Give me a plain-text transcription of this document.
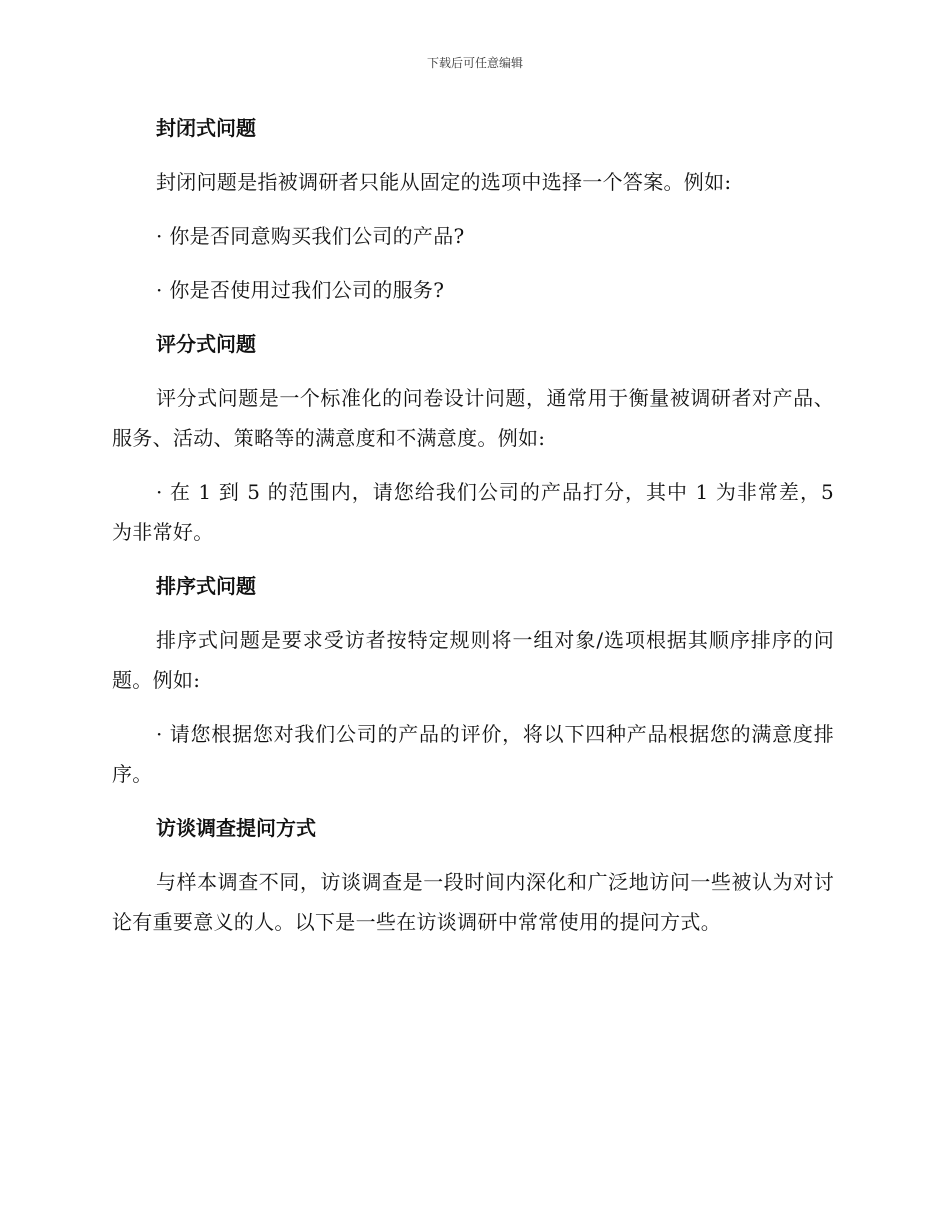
下载后可任意编辑
封闭式问题
封闭问题是指被调研者只能从固定的选项中选择一个答案。例如:
· 你是否同意购买我们公司的产品?
· 你是否使用过我们公司的服务?
评分式问题
评分式问题是一个标准化的问卷设计问题，通常用于衡量被调研者对产品、服务、活动、策略等的满意度和不满意度。例如:
· 在 1 到 5 的范围内，请您给我们公司的产品打分，其中 1 为非常差，5 为非常好。
排序式问题
排序式问题是要求受访者按特定规则将一组对象/选项根据其顺序排序的问题。例如:
· 请您根据您对我们公司的产品的评价，将以下四种产品根据您的满意度排序。
访谈调查提问方式
与样本调查不同，访谈调查是一段时间内深化和广泛地访问一些被认为对讨论有重要意义的人。以下是一些在访谈调研中常常使用的提问方式。
